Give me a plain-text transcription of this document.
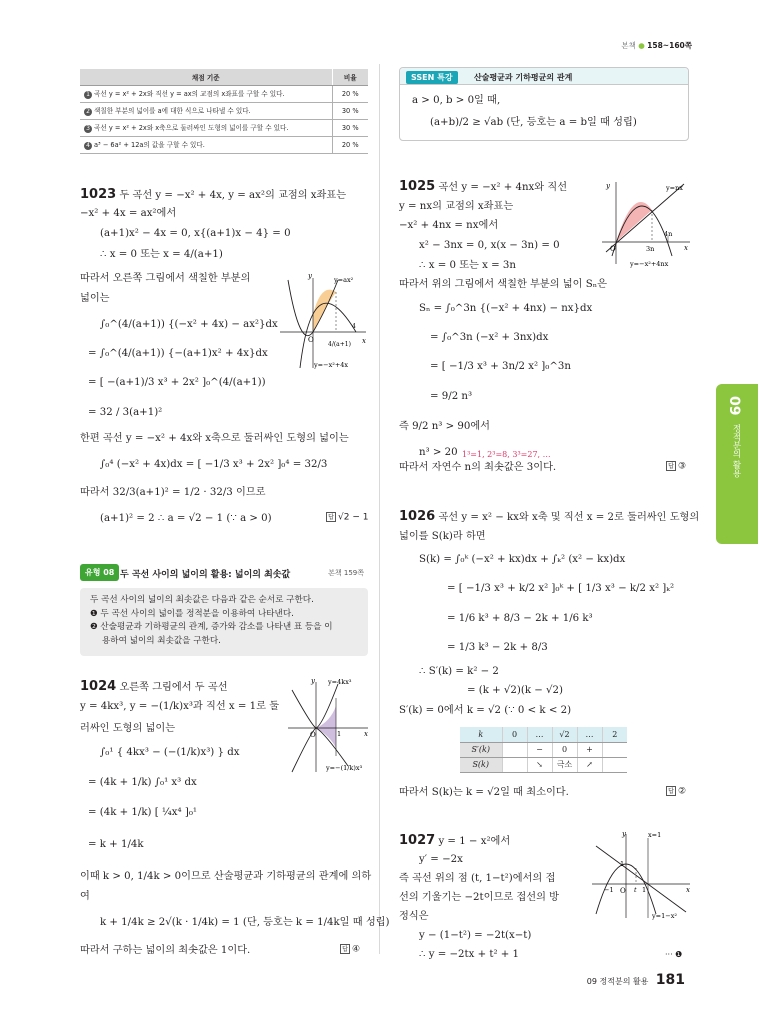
본책 ● 158~160쪽
채점 기준	비율
1 곡선 y = x² + 2x와 직선 y = ax의 교점의 x좌표를 구할 수 있다.	20 %
2 색칠한 부분의 넓이를 a에 대한 식으로 나타낼 수 있다.	30 %
3 곡선 y = x² + 2x와 x축으로 둘러싸인 도형의 넓이를 구할 수 있다.	30 %
4 a³ − 6a² + 12a의 값을 구할 수 있다.	20 %
1023 두 곡선 y = −x² + 4x, y = ax²의 교점의 x좌표는
−x² + 4x = ax²에서
(a+1)x² − 4x = 0, x{(a+1)x − 4} = 0
∴ x = 0 또는 x = 4/(a+1)
따라서 오른쪽 그림에서 색칠한 부분의
넓이는
∫₀^(4/(a+1)) {(−x² + 4x) − ax²}dx
= ∫₀^(4/(a+1)) {−(a+1)x² + 4x}dx
= [ −(a+1)/3 x³ + 2x² ]₀^(4/(a+1))
= 32 / 3(a+1)²
한편 곡선 y = −x² + 4x와 x축으로 둘러싸인 도형의 넓이는
∫₀⁴ (−x² + 4x)dx = [ −1/3 x³ + 2x² ]₀⁴ = 32/3
따라서 32/3(a+1)² = 1/2 · 32/3 이므로
(a+1)² = 2 ∴ a = √2 − 1 (∵ a > 0)	답 √2 − 1
y
x
O
y=ax²
y=−x²+4x
4/(a+1)
4
유형 08 두 곡선 사이의 넓이의 활용: 넓이의 최솟값	본책 159쪽
두 곡선 사이의 넓이의 최솟값은 다음과 같은 순서로 구한다.
❶ 두 곡선 사이의 넓이를 정적분을 이용하여 나타낸다.
❷ 산술평균과 기하평균의 관계, 증가와 감소를 나타낸 표 등을 이
용하여 넓이의 최솟값을 구한다.
1024 오른쪽 그림에서 두 곡선
y = 4kx³, y = −(1/k)x³과 직선 x = 1로 둘
러싸인 도형의 넓이는
∫₀¹ { 4kx³ − (−(1/k)x³) } dx
= (4k + 1/k) ∫₀¹ x³ dx
= (4k + 1/k) [ ¼x⁴ ]₀¹
= k + 1/4k
이때 k > 0, 1/4k > 0이므로 산술평균과 기하평균의 관계에 의하
여
k + 1/4k ≥ 2√(k · 1/4k) = 1 (단, 등호는 k = 1/4k일 때 성립)
따라서 구하는 넓이의 최솟값은 1이다.	답 ④
y
x
O	1
y=4kx³
y=−(1/k)x³
SSEN 특강	산술평균과 기하평균의 관계
a > 0, b > 0일 때,
(a+b)/2 ≥ √ab (단, 등호는 a = b일 때 성립)
1025 곡선 y = −x² + 4nx와 직선
y = nx의 교점의 x좌표는
−x² + 4nx = nx에서
x² − 3nx = 0, x(x − 3n) = 0
∴ x = 0 또는 x = 3n
따라서 위의 그림에서 색칠한 부분의 넓이 Sₙ은
Sₙ = ∫₀^3n {(−x² + 4nx) − nx}dx
= ∫₀^3n (−x² + 3nx)dx
= [ −1/3 x³ + 3n/2 x² ]₀^3n
= 9/2 n³
즉 9/2 n³ > 90에서
n³ > 20 1³=1, 2³=8, 3³=27, …
따라서 자연수 n의 최솟값은 3이다.	답 ③
y
x
O
y=nx
y=−x²+4nx
3n
4n
1026 곡선 y = x² − kx와 x축 및 직선 x = 2로 둘러싸인 도형의
넓이를 S(k)라 하면
S(k) = ∫₀ᵏ (−x² + kx)dx + ∫ₖ² (x² − kx)dx
= [ −1/3 x³ + k/2 x² ]₀ᵏ + [ 1/3 x³ − k/2 x² ]ₖ²
= 1/6 k³ + 8/3 − 2k + 1/6 k³
= 1/3 k³ − 2k + 8/3
∴ S′(k) = k² − 2
= (k + √2)(k − √2)
S′(k) = 0에서 k = √2 (∵ 0 < k < 2)
k	0	…	√2	…	2
S′(k)		−	0	+	
S(k)		↘	극소	↗	
따라서 S(k)는 k = √2일 때 최소이다.	답 ②
1027 y = 1 − x²에서
y′ = −2x
즉 곡선 위의 점 (t, 1−t²)에서의 접
선의 기울기는 −2t이므로 접선의 방
정식은
y − (1−t²) = −2t(x−t)
∴ y = −2tx + t² + 1	··· ❶
y
x
O
−1
1
t 1
x=1
y=1−x²
09
정적분의 활용
09 정적분의 활용 181
